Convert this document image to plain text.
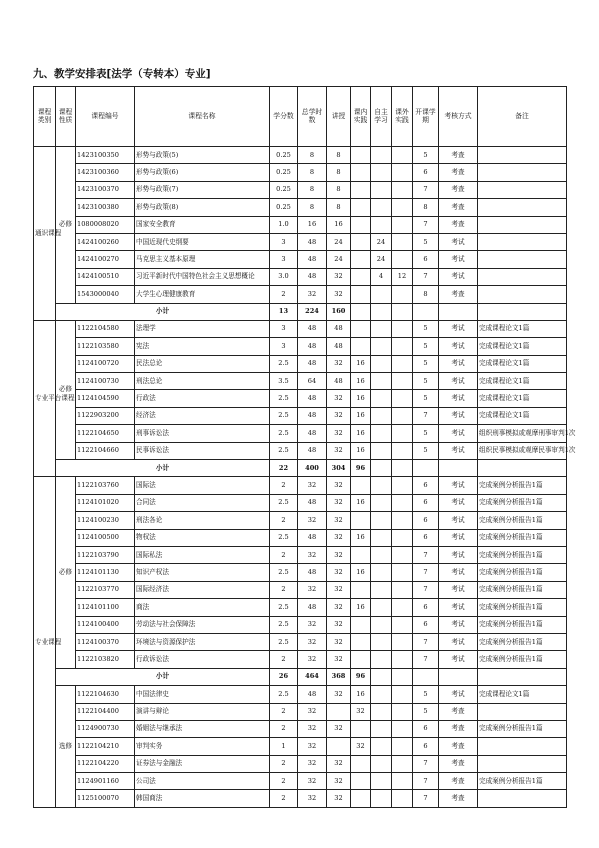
九、教学安排表[法学（专转本）专业]
课程类别	课程性质	课程编号	课程名称	学分数	总学时数	讲授	课内实践	自主学习	课外实践	开课学期	考核方式	备注
通识课程	必修	1423100350	形势与政策(5)	0.25	8	8				5	考查	
		1423100360	形势与政策(6)	0.25	8	8				6	考查	
		1423100370	形势与政策(7)	0.25	8	8				7	考查	
		1423100380	形势与政策(8)	0.25	8	8				8	考查	
		1080008020	国家安全教育	1.0	16	16				7	考查	
		1424100260	中国近现代史纲要	3	48	24		24		5	考试	
		1424100270	马克思主义基本原理	3	48	24		24		6	考试	
		1424100510	习近平新时代中国特色社会主义思想概论	3.0	48	32		4	12	7	考试	
		1543000040	大学生心理健康教育	2	32	32				8	考查	
	小计			13	224	160						
专业平台课程	必修	1122104580	法理学	3	48	48				5	考试	完成课程论文1篇
		1122103580	宪法	3	48	48				5	考试	完成课程论文1篇
		1124100720	民法总论	2.5	48	32	16			5	考试	完成课程论文1篇
		1124100730	刑法总论	3.5	64	48	16			5	考试	完成课程论文1篇
		1124104590	行政法	2.5	48	32	16			5	考试	完成课程论文1篇
		1122903200	经济法	2.5	48	32	16			7	考试	完成课程论文1篇
		1122104650	刑事诉讼法	2.5	48	32	16			5	考试	组织刑事模拟或观摩刑事审判1次
		1122104660	民事诉讼法	2.5	48	32	16			5	考试	组织民事模拟或观摩民事审判1次
	小计			22	400	304	96					
专业课程	必修	1122103760	国际法	2	32	32				6	考试	完成案例分析报告1篇
		1124101020	合同法	2.5	48	32	16			6	考试	完成案例分析报告1篇
		1124100230	刑法各论	2	32	32				6	考试	完成案例分析报告1篇
		1124100500	物权法	2.5	48	32	16			6	考试	完成案例分析报告1篇
		1122103790	国际私法	2	32	32				7	考试	完成案例分析报告1篇
		1124101130	知识产权法	2.5	48	32	16			7	考试	完成案例分析报告1篇
		1122103770	国际经济法	2	32	32				7	考试	完成案例分析报告1篇
		1124101100	商法	2.5	48	32	16			6	考试	完成案例分析报告1篇
		1124100400	劳动法与社会保障法	2.5	32	32				6	考试	完成案例分析报告1篇
		1124100370	环境法与资源保护法	2.5	32	32				7	考试	完成案例分析报告1篇
		1122103820	行政诉讼法	2	32	32				7	考试	完成案例分析报告1篇
	小计			26	464	368	96					
	选修	1122104630	中国法律史	2.5	48	32	16			5	考试	完成课程论文1篇
		1122104400	演讲与辩论	2	32		32			5	考查	
		1124900730	婚姻法与继承法	2	32	32				6	考查	完成案例分析报告1篇
		1122104210	审判实务	1	32		32			6	考查	
		1122104220	证券法与金融法	2	32	32				7	考查	
		1124901160	公司法	2	32	32				7	考查	完成案例分析报告1篇
		1125100070	韩国商法	2	32	32				7	考查	
